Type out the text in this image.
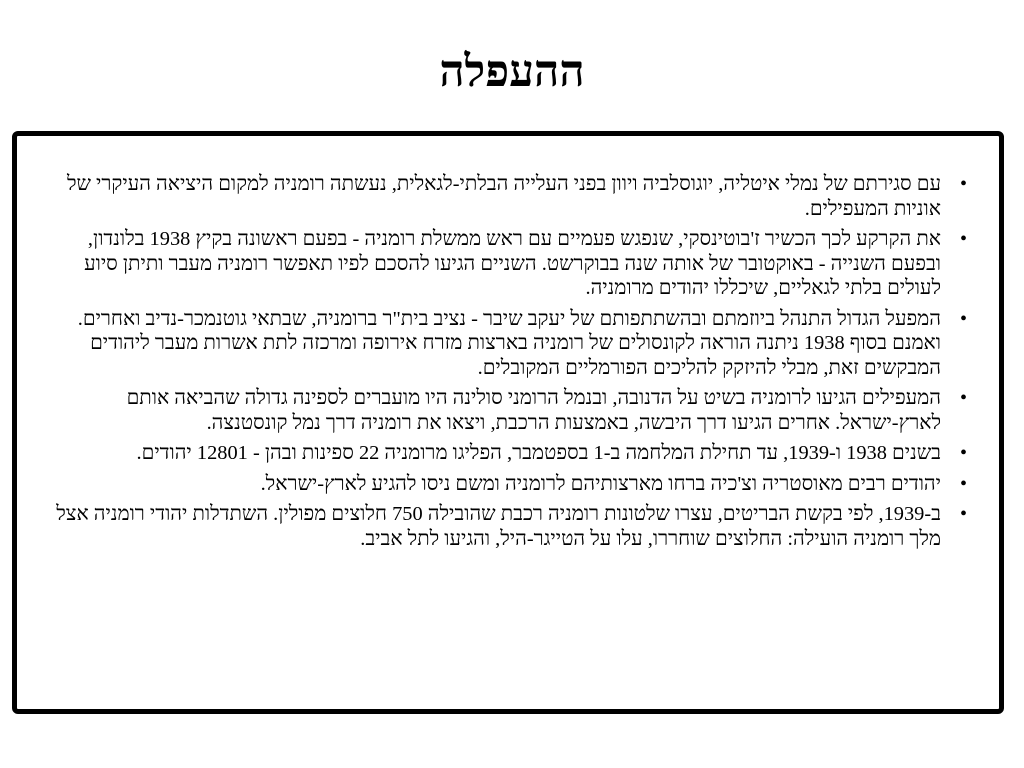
ההעפלה
•
עם סגירתם של נמלי איטליה, יוגוסלביה ויוון בפני העלייה הבלתי-לגאלית, נעשתה רומניה למקום היציאה העיקרי של אוניות המעפילים.
•
את הקרקע לכך הכשיר ז'בוטינסקי, שנפגש פעמיים עם ראש ממשלת רומניה - בפעם ראשונה בקיץ 1938 בלונדון, ובפעם השנייה - באוקטובר של אותה שנה בבוקרשט. השניים הגיעו להסכם לפיו תאפשר רומניה מעבר ותיתן סיוע לעולים בלתי לגאליים, שיכללו יהודים מרומניה.
•
המפעל הגדול התנהל ביוזמתם ובהשתתפותם של יעקב שיבר - נציב בית"ר ברומניה, שבתאי גוטנמכר-נדיב ואחרים. ואמנם בסוף 1938 ניתנה הוראה לקונסולים של רומניה בארצות מזרח אירופה ומרכזה לתת אשרות מעבר ליהודים המבקשים זאת, מבלי להיזקק להליכים הפורמליים המקובלים.
•
המעפילים הגיעו לרומניה בשיט על הדנובה, ובנמל הרומני סולינה היו מועברים לספינה גדולה שהביאה אותם לארץ-ישראל. אחרים הגיעו דרך היבשה, באמצעות הרכבת, ויצאו את רומניה דרך נמל קונסטנצה.
•
בשנים 1938 ו-1939, עד תחילת המלחמה ב-1 בספטמבר, הפליגו מרומניה 22 ספינות ובהן - 12801 יהודים.
•
יהודים רבים מאוסטריה וצ'כיה ברחו מארצותיהם לרומניה ומשם ניסו להגיע לארץ-ישראל.
•
ב-1939, לפי בקשת הבריטים, עצרו שלטונות רומניה רכבת שהובילה 750 חלוצים מפולין. השתדלות יהודי רומניה אצל מלך רומניה הועילה: החלוצים שוחררו, עלו על הטייגר-היל, והגיעו לתל אביב.
